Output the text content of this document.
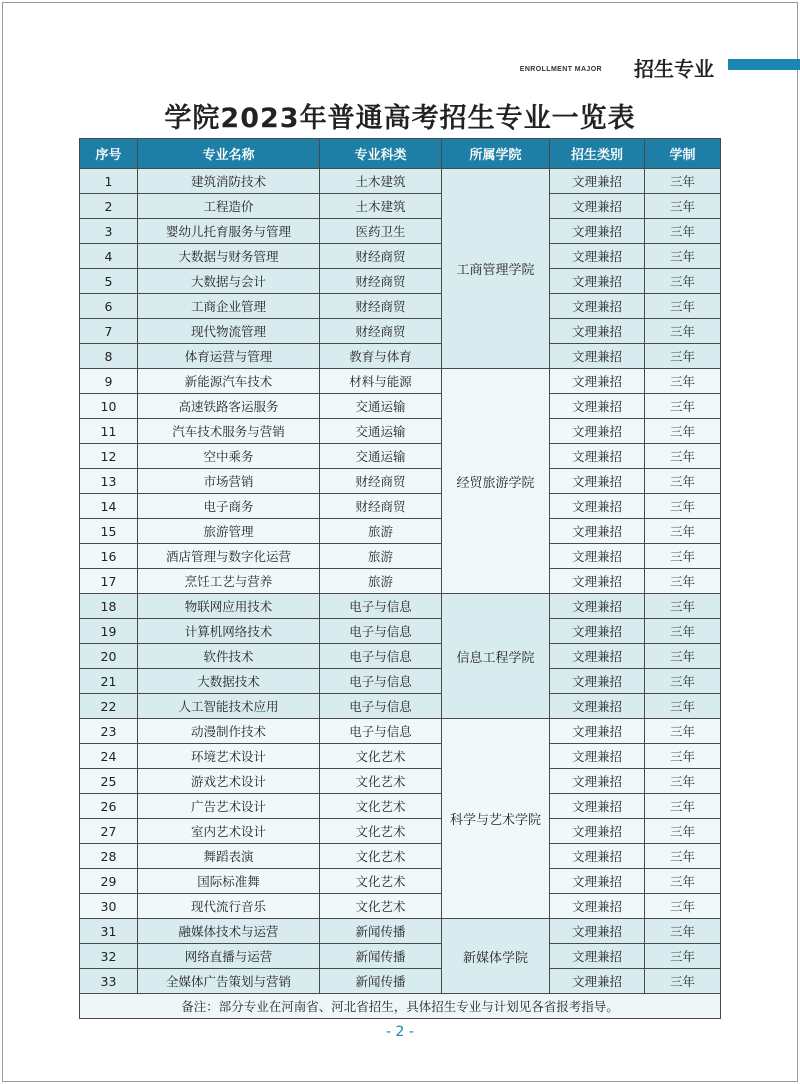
ENROLLMENT MAJOR 招生专业
学院2023年普通高考招生专业一览表
序号	专业名称	专业科类	所属学院	招生类别	学制
1	建筑消防技术	土木建筑	工商管理学院	文理兼招	三年
2	工程造价	土木建筑		文理兼招	三年
3	婴幼儿托育服务与管理	医药卫生		文理兼招	三年
4	大数据与财务管理	财经商贸		文理兼招	三年
5	大数据与会计	财经商贸		文理兼招	三年
6	工商企业管理	财经商贸		文理兼招	三年
7	现代物流管理	财经商贸		文理兼招	三年
8	体育运营与管理	教育与体育		文理兼招	三年
9	新能源汽车技术	材料与能源	经贸旅游学院	文理兼招	三年
10	高速铁路客运服务	交通运输		文理兼招	三年
11	汽车技术服务与营销	交通运输		文理兼招	三年
12	空中乘务	交通运输		文理兼招	三年
13	市场营销	财经商贸		文理兼招	三年
14	电子商务	财经商贸		文理兼招	三年
15	旅游管理	旅游		文理兼招	三年
16	酒店管理与数字化运营	旅游		文理兼招	三年
17	烹饪工艺与营养	旅游		文理兼招	三年
18	物联网应用技术	电子与信息	信息工程学院	文理兼招	三年
19	计算机网络技术	电子与信息		文理兼招	三年
20	软件技术	电子与信息		文理兼招	三年
21	大数据技术	电子与信息		文理兼招	三年
22	人工智能技术应用	电子与信息		文理兼招	三年
23	动漫制作技术	电子与信息	科学与艺术学院	文理兼招	三年
24	环境艺术设计	文化艺术		文理兼招	三年
25	游戏艺术设计	文化艺术		文理兼招	三年
26	广告艺术设计	文化艺术		文理兼招	三年
27	室内艺术设计	文化艺术		文理兼招	三年
28	舞蹈表演	文化艺术		文理兼招	三年
29	国际标准舞	文化艺术		文理兼招	三年
30	现代流行音乐	文化艺术		文理兼招	三年
31	融媒体技术与运营	新闻传播	新媒体学院	文理兼招	三年
32	网络直播与运营	新闻传播		文理兼招	三年
33	全媒体广告策划与营销	新闻传播		文理兼招	三年
备注：部分专业在河南省、河北省招生，具体招生专业与计划见各省报考指导。					
- 2 -
